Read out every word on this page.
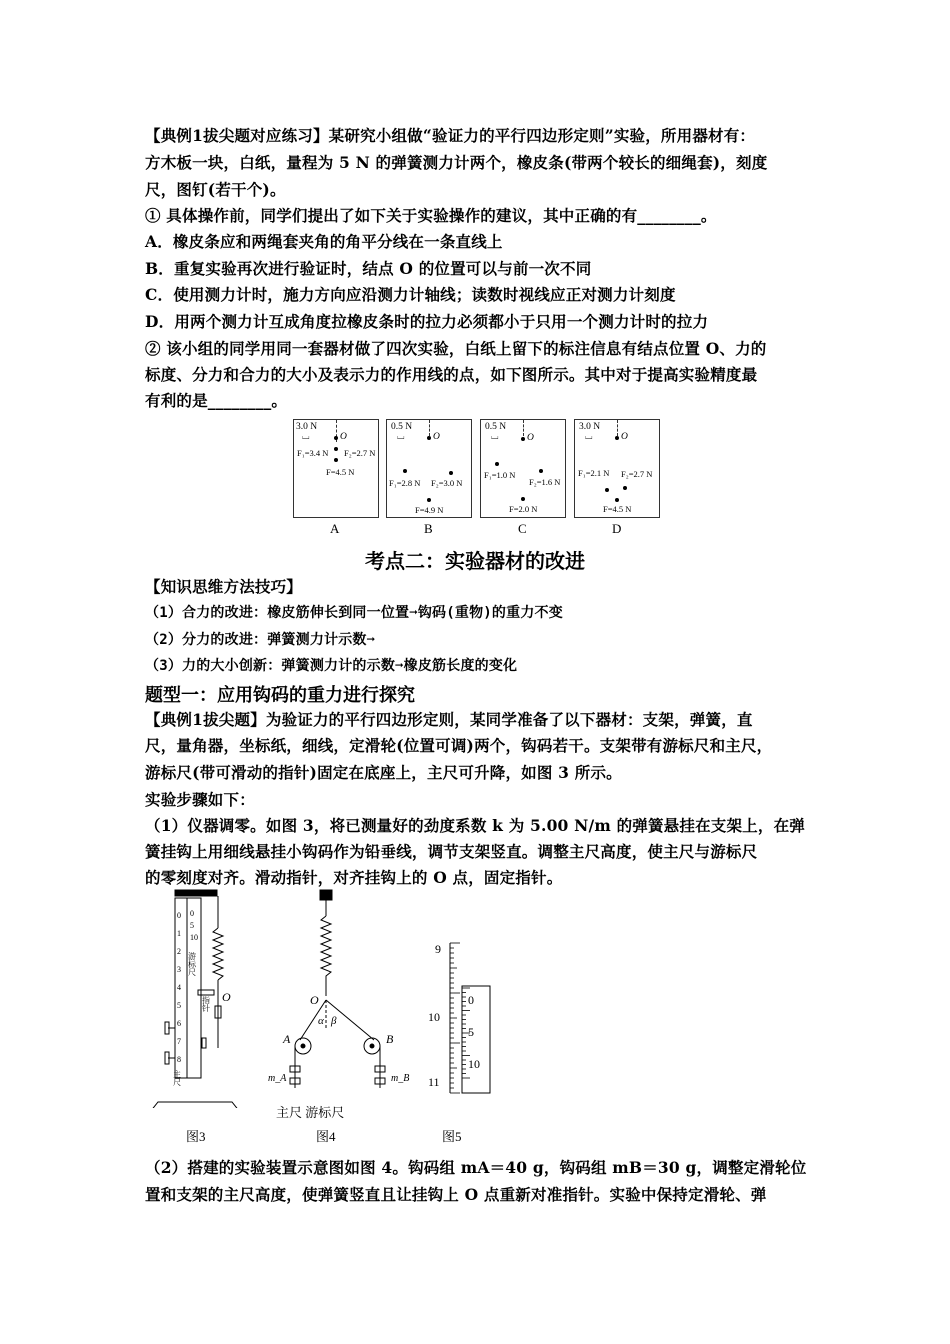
【典例1拔尖题对应练习】某研究小组做“验证力的平行四边形定则”实验，所用器材有：
方木板一块，白纸，量程为 5 N 的弹簧测力计两个，橡皮条(带两个较长的细绳套)，刻度
尺，图钉(若干个)。
① 具体操作前，同学们提出了如下关于实验操作的建议，其中正确的有________。
A．橡皮条应和两绳套夹角的角平分线在一条直线上
B．重复实验再次进行验证时，结点 O 的位置可以与前一次不同
C．使用测力计时，施力方向应沿测力计轴线；读数时视线应正对测力计刻度
D．用两个测力计互成角度拉橡皮条时的拉力必须都小于只用一个测力计时的拉力
② 该小组的同学用同一套器材做了四次实验，白纸上留下的标注信息有结点位置 O、力的
标度、分力和合力的大小及表示力的作用线的点，如下图所示。其中对于提高实验精度最
有利的是________。
3.0 N
⌴	O
F₁=3.4 N F₂=2.7 N
F=4.5 N
A
0.5 N
⌴	O
F₁=2.8 N F₂=3.0 N
F=4.9 N
B
0.5 N
⌴	O
F₁=1.0 N
F₂=1.6 N
F=2.0 N
C
3.0 N
⌴	O
F₁=2.1 N F₂=2.7 N
F=4.5 N
D
考点二：实验器材的改进
【知识思维方法技巧】
（1）合力的改进：橡皮筋伸长到同一位置➞钩码(重物)的重力不变
（2）分力的改进：弹簧测力计示数➞
（3）力的大小创新：弹簧测力计的示数➞橡皮筋长度的变化
题型一：应用钩码的重力进行探究
【典例1拔尖题】为验证力的平行四边形定则，某同学准备了以下器材：支架，弹簧，直
尺，量角器，坐标纸，细线，定滑轮(位置可调)两个，钩码若干。支架带有游标尺和主尺，
游标尺(带可滑动的指针)固定在底座上，主尺可升降，如图 3 所示。
实验步骤如下：
（1）仪器调零。如图 3，将已测量好的劲度系数 k 为 5.00 N/m 的弹簧悬挂在支架上，在弹
簧挂钩上用细线悬挂小钩码作为铅垂线，调节支架竖直。调整主尺高度，使主尺与游标尺
的零刻度对齐。滑动指针，对齐挂钩上的 O 点，固定指针。
0
1
2
3
4
5
6
7
8
0
5
10
游标尺
指针
主尺
O	O
A	B
α β
m_A	m_B
9
10
11
0
5
10
主尺 游标尺
图3	图4	图5
（2）搭建的实验装置示意图如图 4。钩码组 mA＝40 g，钩码组 mB＝30 g，调整定滑轮位
置和支架的主尺高度，使弹簧竖直且让挂钩上 O 点重新对准指针。实验中保持定滑轮、弹
